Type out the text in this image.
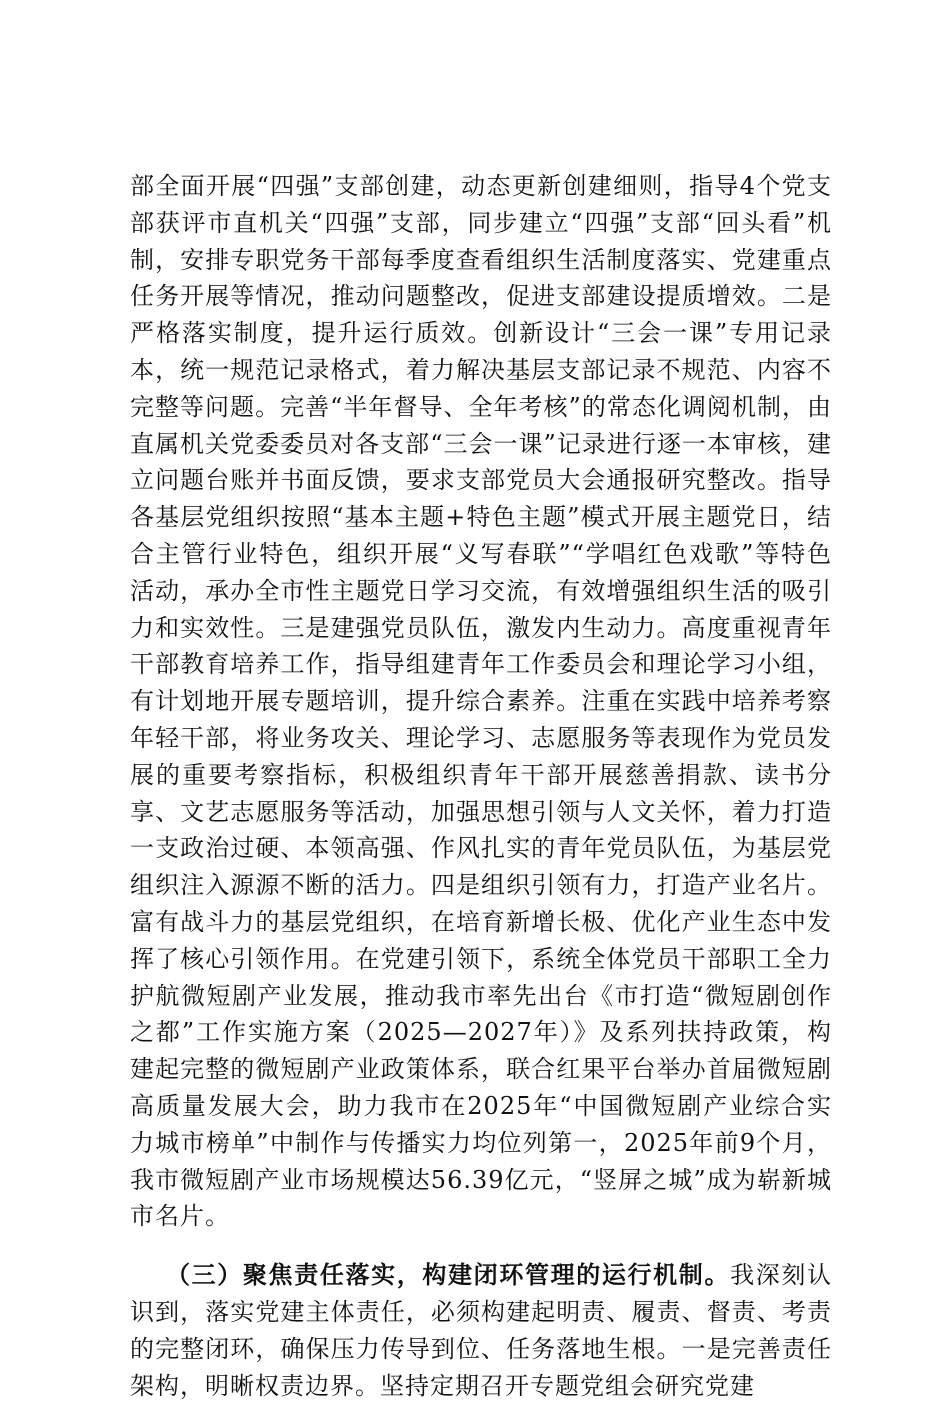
部全面开展“四强”支部创建，动态更新创建细则，指导4个党支部获评市直机关“四强”支部，同步建立“四强”支部“回头看”机制，安排专职党务干部每季度查看组织生活制度落实、党建重点任务开展等情况，推动问题整改，促进支部建设提质增效。二是严格落实制度，提升运行质效。创新设计“三会一课”专用记录本，统一规范记录格式，着力解决基层支部记录不规范、内容不完整等问题。完善“半年督导、全年考核”的常态化调阅机制，由直属机关党委委员对各支部“三会一课”记录进行逐一本审核，建立问题台账并书面反馈，要求支部党员大会通报研究整改。指导各基层党组织按照“基本主题+特色主题”模式开展主题党日，结合主管行业特色，组织开展“义写春联”“学唱红色戏歌”等特色活动，承办全市性主题党日学习交流，有效增强组织生活的吸引力和实效性。三是建强党员队伍，激发内生动力。高度重视青年干部教育培养工作，指导组建青年工作委员会和理论学习小组，有计划地开展专题培训，提升综合素养。注重在实践中培养考察年轻干部，将业务攻关、理论学习、志愿服务等表现作为党员发展的重要考察指标，积极组织青年干部开展慈善捐款、读书分享、文艺志愿服务等活动，加强思想引领与人文关怀，着力打造一支政治过硬、本领高强、作风扎实的青年党员队伍，为基层党组织注入源源不断的活力。四是组织引领有力，打造产业名片。富有战斗力的基层党组织，在培育新增长极、优化产业生态中发挥了核心引领作用。在党建引领下，系统全体党员干部职工全力护航微短剧产业发展，推动我市率先出台《市打造“微短剧创作之都”工作实施方案（2025—2027年）》及系列扶持政策，构建起完整的微短剧产业政策体系，联合红果平台举办首届微短剧高质量发展大会，助力我市在2025年“中国微短剧产业综合实力城市榜单”中制作与传播实力均位列第一，2025年前9个月，我市微短剧产业市场规模达56.39亿元，“竖屏之城”成为崭新城市名片。

（三）聚焦责任落实，构建闭环管理的运行机制。我深刻认识到，落实党建主体责任，必须构建起明责、履责、督责、考责的完整闭环，确保压力传导到位、任务落地生根。一是完善责任架构，明晰权责边界。坚持定期召开专题党组会研究党建
